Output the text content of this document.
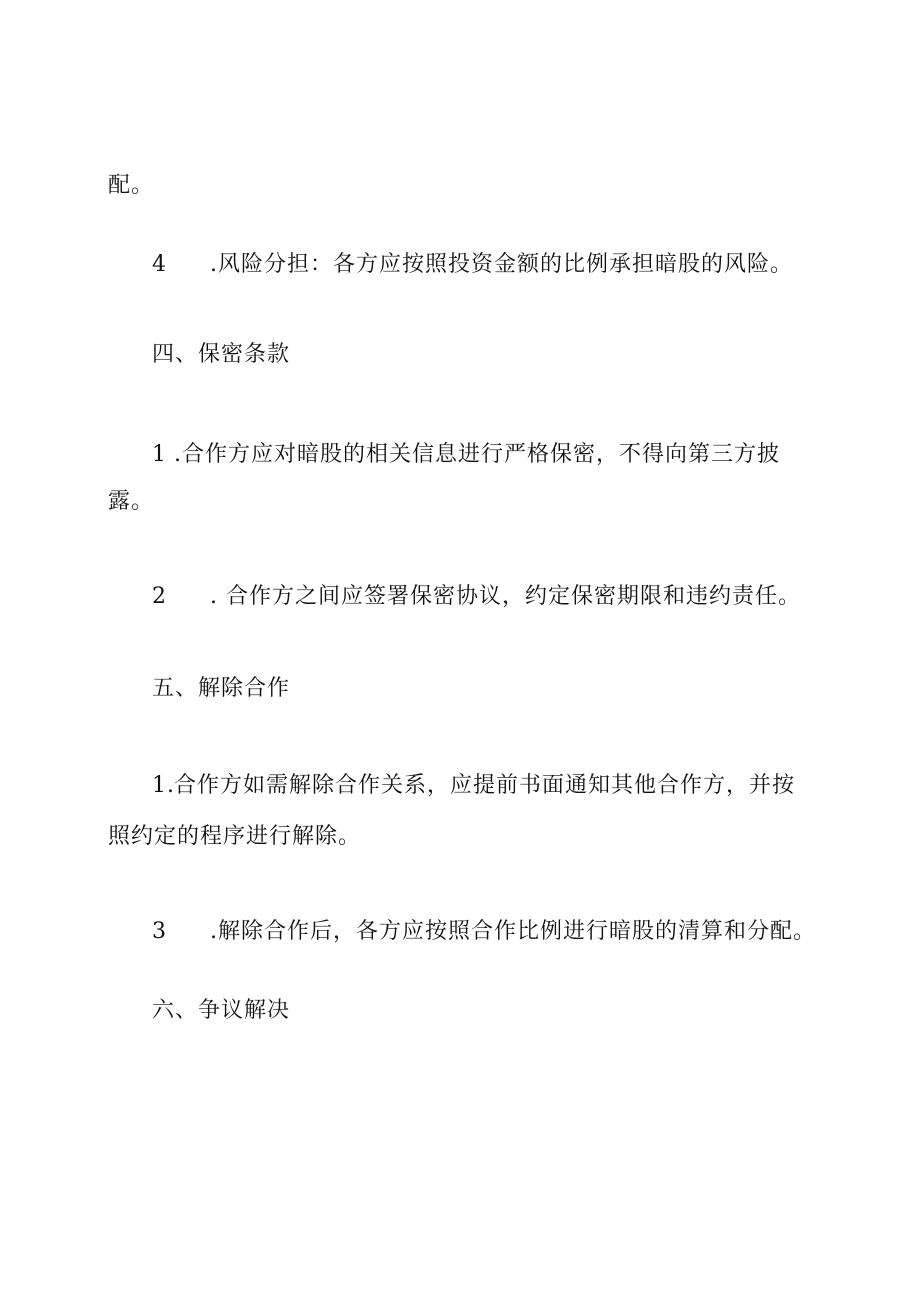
配。
4 .风险分担：各方应按照投资金额的比例承担暗股的风险。
四、保密条款
1 .合作方应对暗股的相关信息进行严格保密，不得向第三方披
露。
2 . 合作方之间应签署保密协议，约定保密期限和违约责任。
五、解除合作
1.合作方如需解除合作关系，应提前书面通知其他合作方，并按
照约定的程序进行解除。
3 .解除合作后，各方应按照合作比例进行暗股的清算和分配。
六、争议解决
